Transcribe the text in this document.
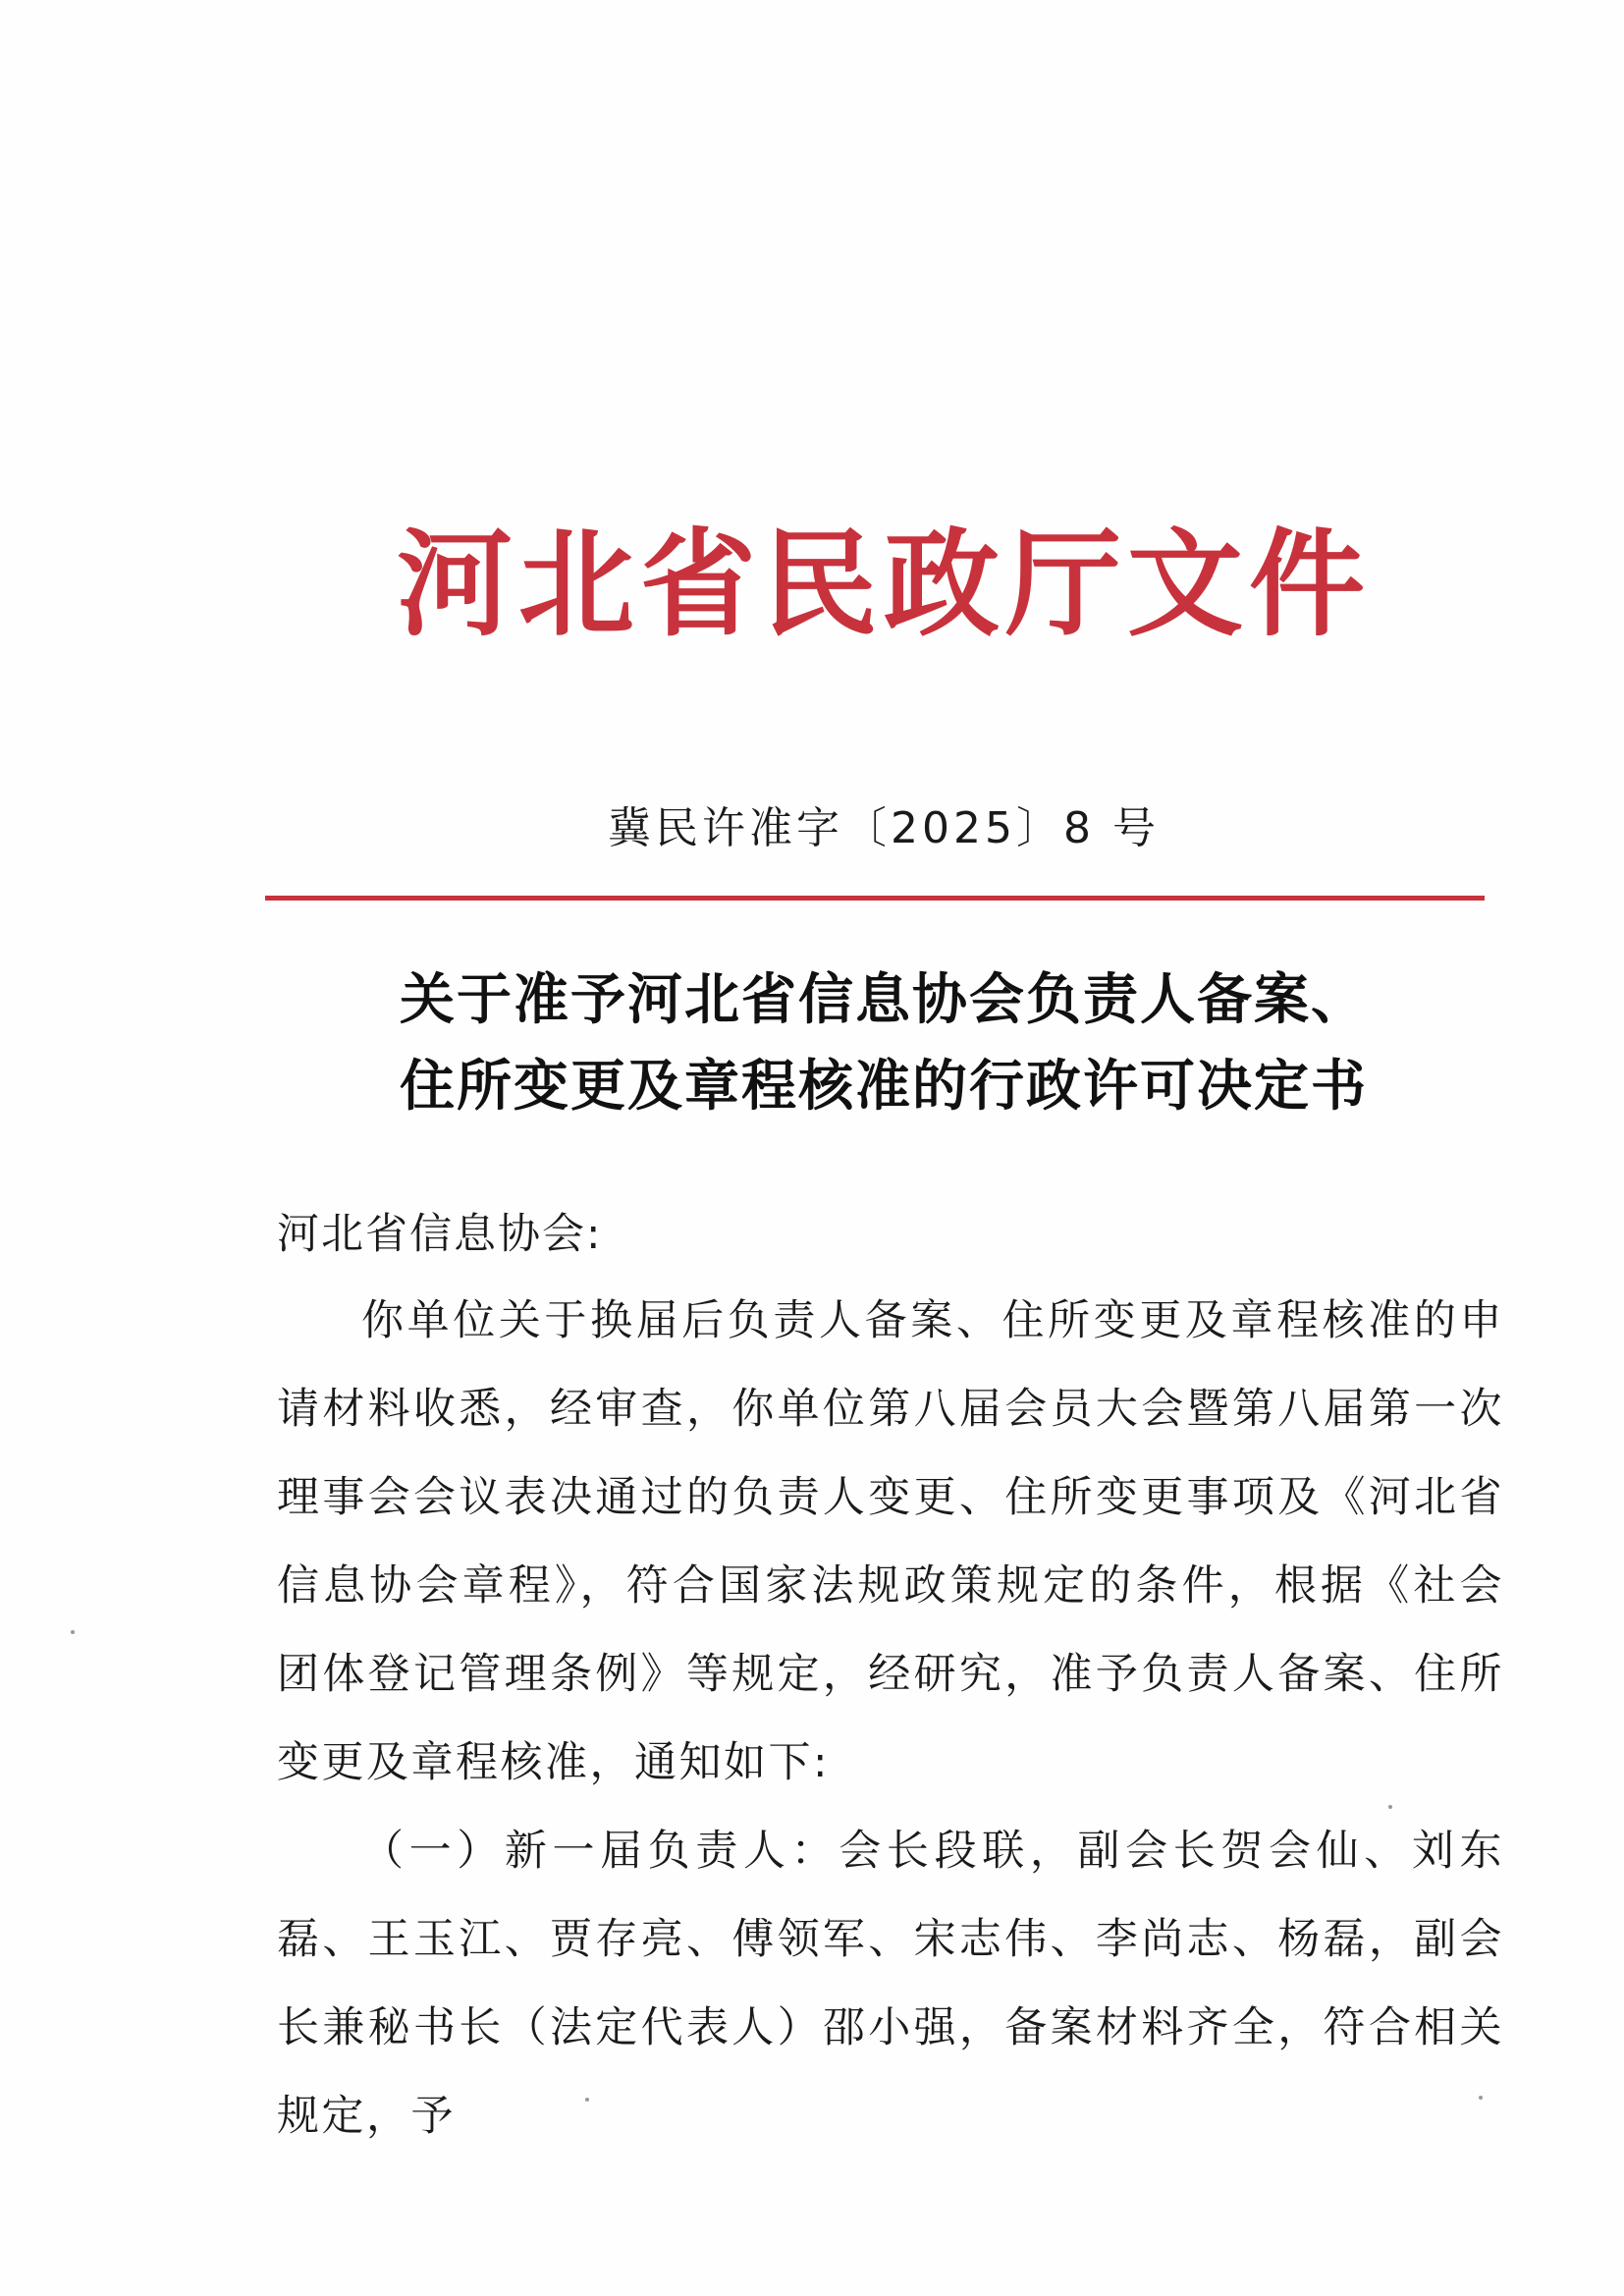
河北省民政厅文件
冀民许准字〔2025〕8 号
关于准予河北省信息协会负责人备案、
住所变更及章程核准的行政许可决定书
河北省信息协会:
你单位关于换届后负责人备案、住所变更及章程核准的申请材料收悉，经审查，你单位第八届会员大会暨第八届第一次理事会会议表决通过的负责人变更、住所变更事项及《河北省信息协会章程》，符合国家法规政策规定的条件，根据《社会团体登记管理条例》等规定，经研究，准予负责人备案、住所变更及章程核准，通知如下:
（一）新一届负责人：会长段联，副会长贺会仙、刘东磊、王玉江、贾存亮、傅领军、宋志伟、李尚志、杨磊，副会长兼秘书长（法定代表人）邵小强，备案材料齐全，符合相关规定，予
